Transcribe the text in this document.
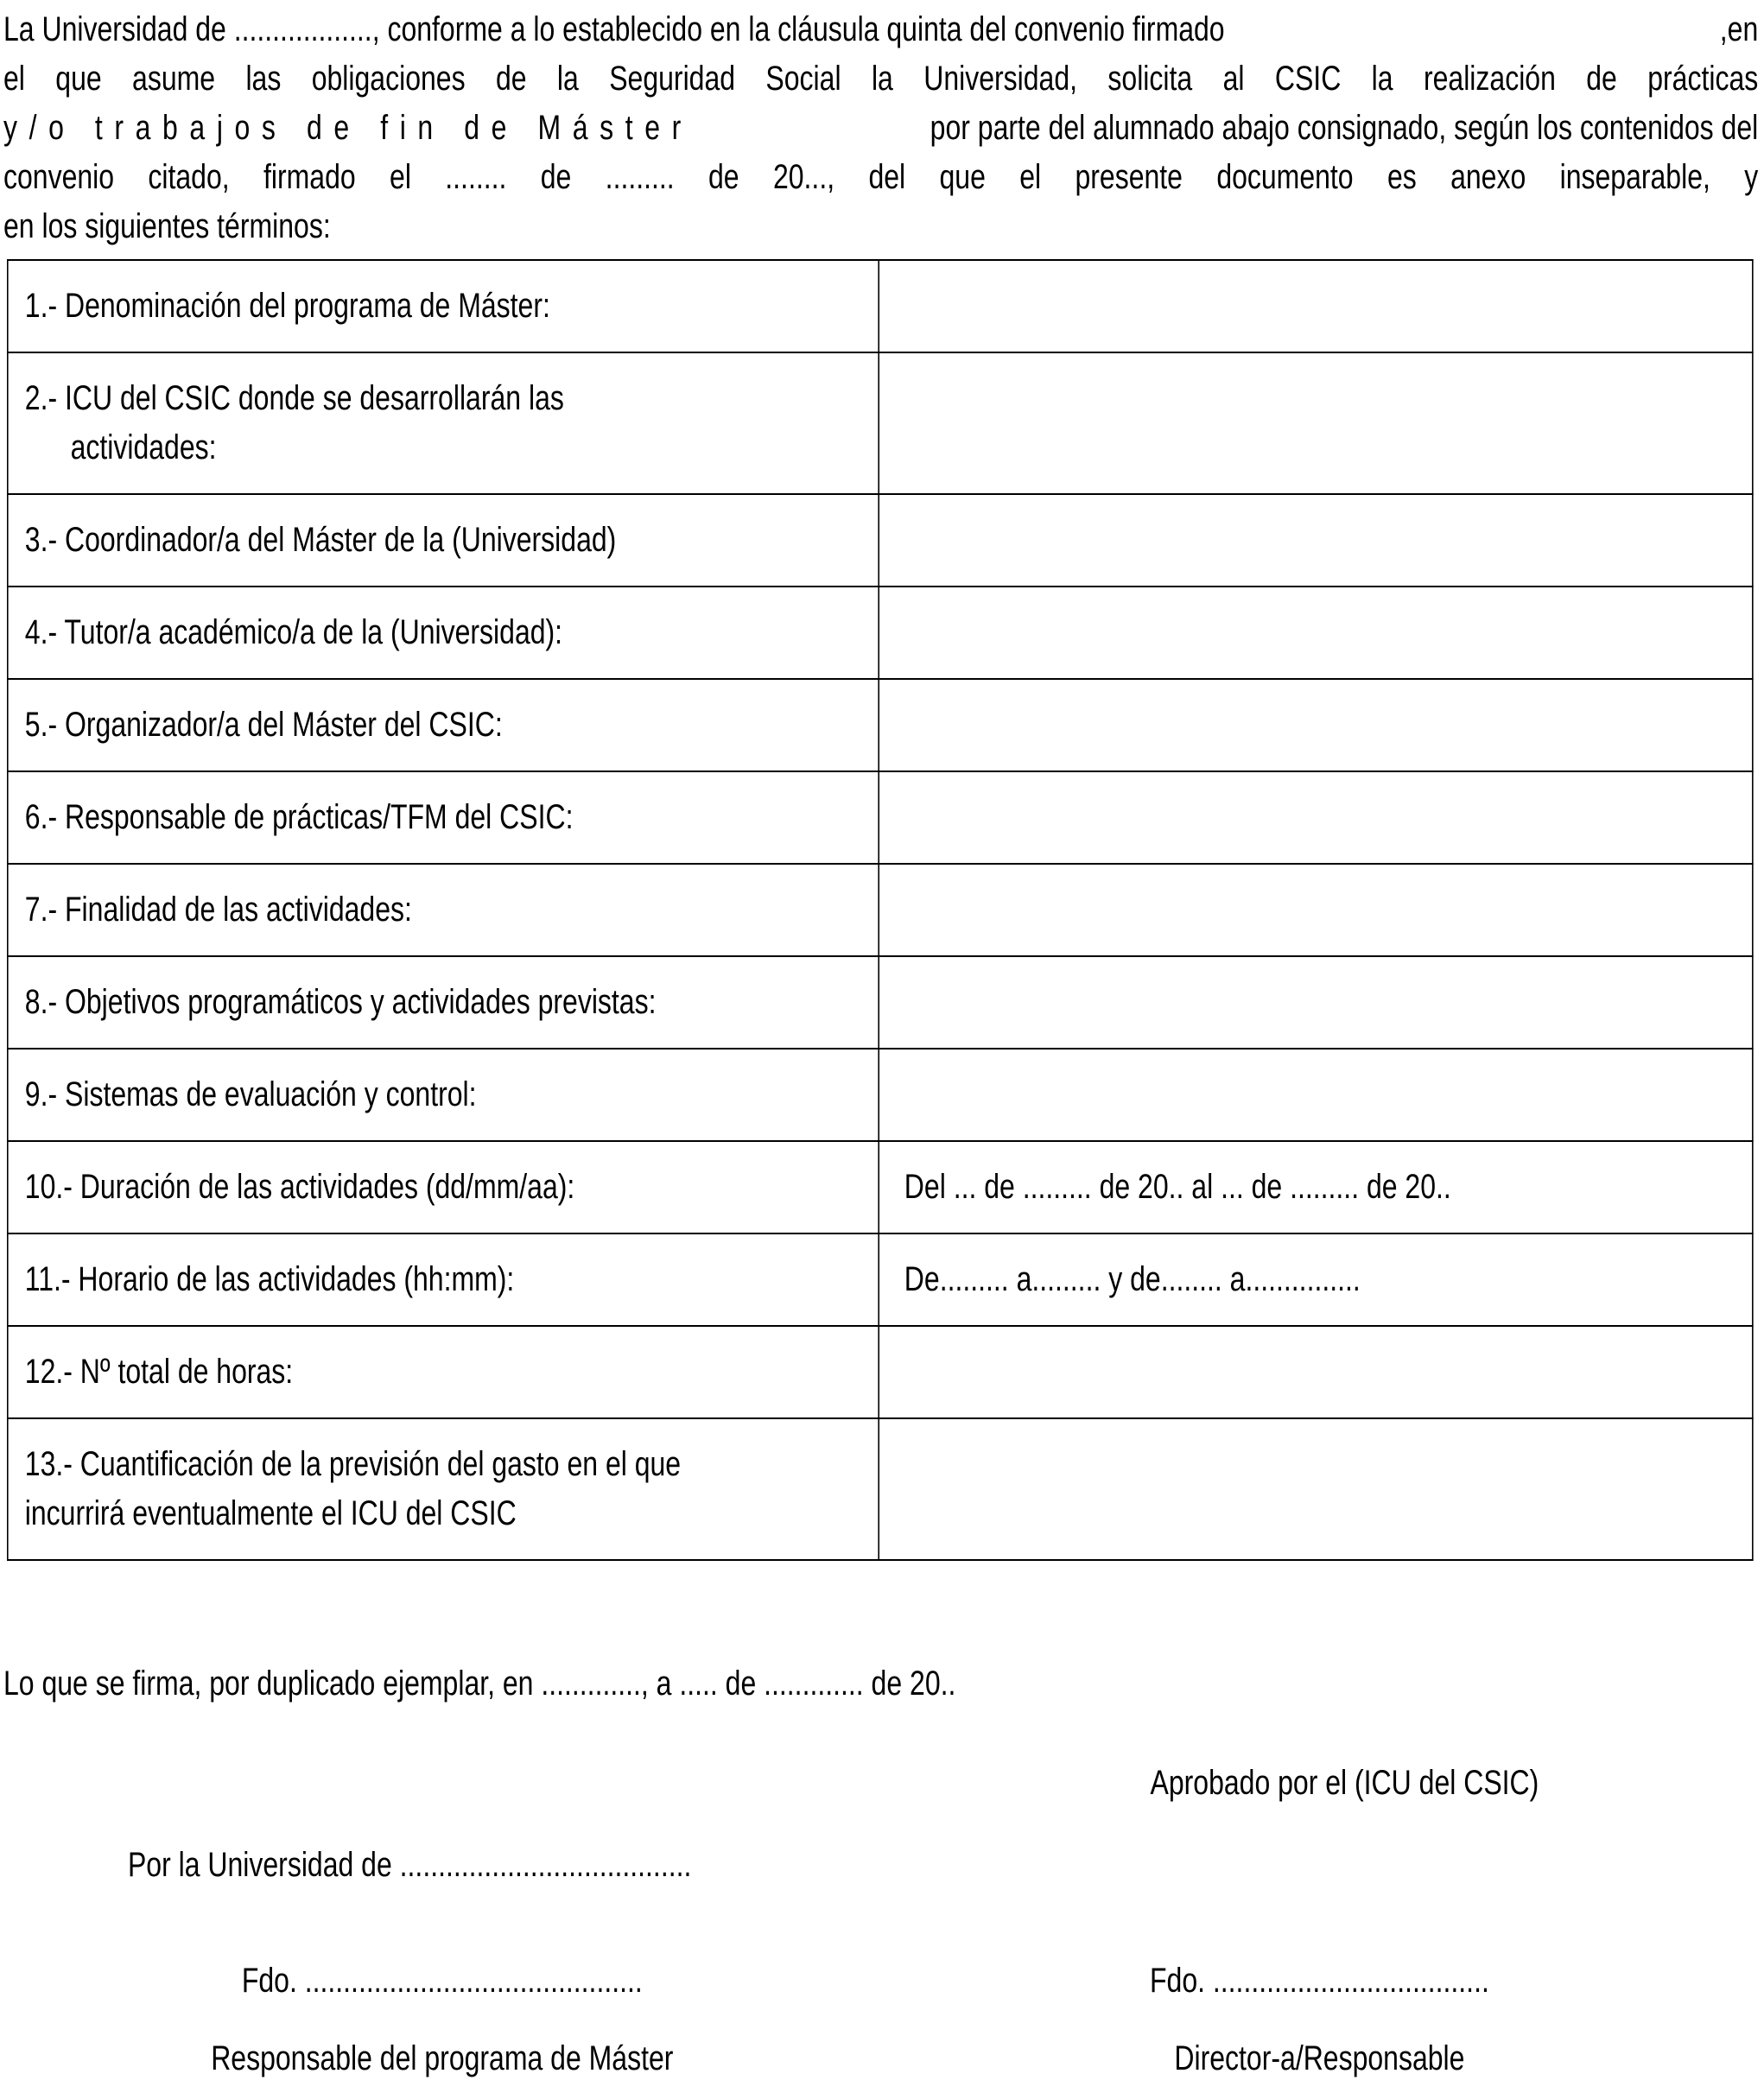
La Universidad de .................., conforme a lo establecido en la cláusula quinta del convenio firmado	,en
el que asume las obligaciones de la Seguridad Social la Universidad, solicita al CSIC la realización de prácticas
y/o trabajos de fin de Máster	por parte del alumnado abajo consignado, según los contenidos del
convenio citado, firmado el ........ de ......... de 20..., del que el presente documento es anexo inseparable, y
en los siguientes términos:
1.- Denominación del programa de Máster:	
2.- ICU del CSIC donde se desarrollarán las
actividades:	
3.- Coordinador/a del Máster de la (Universidad)	
4.- Tutor/a académico/a de la (Universidad):	
5.- Organizador/a del Máster del CSIC:	
6.- Responsable de prácticas/TFM del CSIC:	
7.- Finalidad de las actividades:	
8.- Objetivos programáticos y actividades previstas:	
9.- Sistemas de evaluación y control:	
10.- Duración de las actividades (dd/mm/aa):	Del ... de ......... de 20.. al ... de ......... de 20..
11.- Horario de las actividades (hh:mm):	De......... a......... y de........ a...............
12.- Nº total de horas:	
13.- Cuantificación de la previsión del gasto en el que
incurrirá eventualmente el ICU del CSIC	
Lo que se firma, por duplicado ejemplar, en ............., a ..... de ............. de 20..
Aprobado por el (ICU del CSIC)
Por la Universidad de ......................................
Fdo. ............................................	Fdo. ....................................
Responsable del programa de Máster	Director-a/Responsable
